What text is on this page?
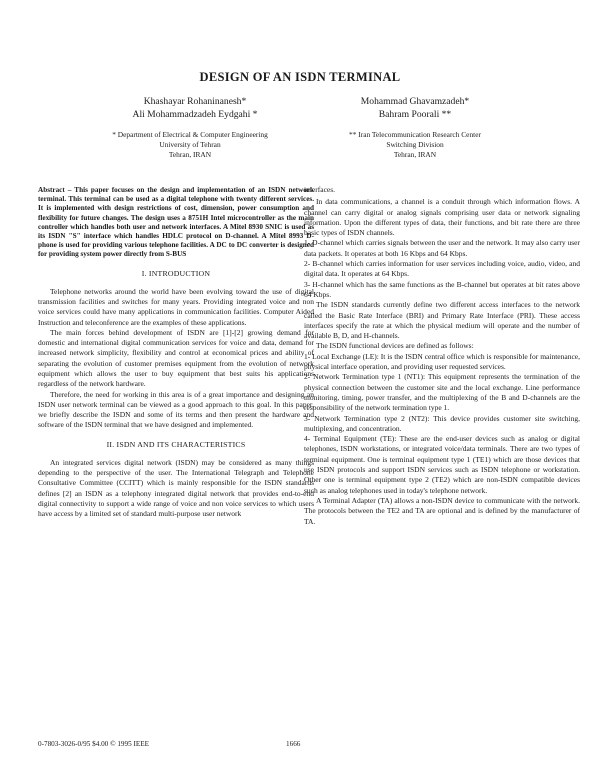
DESIGN OF AN ISDN TERMINAL
Khashayar Rohaninanesh*
Ali Mohammadzadeh Eydgahi *
Mohammad Ghavamzadeh*
Bahram Poorali **
* Department of Electrical & Computer Engineering
University of Tehran
Tehran, IRAN
** Iran Telecommunication Research Center
Switching Division
Tehran, IRAN

Abstract – This paper focuses on the design and implementation of an ISDN network terminal. This terminal can be used as a digital telephone with twenty different services. It is implemented with design restrictions of cost, dimension, power consumption and flexibility for future changes. The design uses a 8751H Intel microcontroller as the main controller which handles both user and network interfaces. A Mitel 8930 SNIC is used as its ISDN "S" interface which handles HDLC protocol on D-channel. A Mitel 8993 D-phone is used for providing various telephone facilities. A DC to DC converter is designed for providing system power directly from S-BUS

I. INTRODUCTION

Telephone networks around the world have been evolving toward the use of digital transmission facilities and switches for many years. Providing integrated voice and non voice services could have many applications in communication facilities. Computer Aided Instruction and teleconference are the examples of these applications.

The main forces behind development of ISDN are [1]-[2] growing demand for domestic and international digital communication services for voice and data, demand for increased network simplicity, flexibility and control at economical prices and ability of separating the evolution of customer premises equipment from the evolution of network equipment which allows the user to buy equipment that best suits his applications regardless of the network hardware.

Therefore, the need for working in this area is of a great importance and designing an ISDN user network terminal can be viewed as a good approach to this goal. In this paper, we briefly describe the ISDN and some of its terms and then present the hardware and software of the ISDN terminal that we have designed and implemented.

II. ISDN AND ITS CHARACTERISTICS

An integrated services digital network (ISDN) may be considered as many things depending to the perspective of the user. The International Telegraph and Telephone Consultative Committee (CCITT) which is mainly responsible for the ISDN standards defines [2] an ISDN as a telephony integrated digital network that provides end-to-end digital connectivity to support a wide range of voice and non voice services to which users have access by a limited set of standard multi-purpose user network

interfaces.

In data communications, a channel is a conduit through which information flows. A channel can carry digital or analog signals comprising user data or network signaling information. Upon the different types of data, their functions, and bit rate there are three basic types of ISDN channels.

1- D-channel which carries signals between the user and the network. It may also carry user data packets. It operates at both 16 Kbps and 64 Kbps.

2- B-channel which carries information for user services including voice, audio, video, and digital data. It operates at 64 Kbps.

3- H-channel which has the same functions as the B-channel but operates at bit rates above 64 Kbps.

The ISDN standards currently define two different access interfaces to the network called the Basic Rate Interface (BRI) and Primary Rate Interface (PRI). These access interfaces specify the rate at which the physical medium will operate and the number of available B, D, and H-channels.

The ISDN functional devices are defined as follows:

1- Local Exchange (LE): It is the ISDN central office which is responsible for maintenance, physical interface operation, and providing user requested services.

2- Network Termination type 1 (NT1): This equipment represents the termination of the physical connection between the customer site and the local exchange. Line performance monitoring, timing, power transfer, and the multiplexing of the B and D-channels are the responsibility of the network termination type 1.

3- Network Termination type 2 (NT2): This device provides customer site switching, multiplexing, and concentration.

4- Terminal Equipment (TE): These are the end-user devices such as analog or digital telephones, ISDN workstations, or integrated voice/data terminals. There are two types of terminal equipment. One is terminal equipment type 1 (TE1) which are those devices that use ISDN protocols and support ISDN services such as ISDN telephone or workstation. Other one is terminal equipment type 2 (TE2) which are non-ISDN compatible devices such as analog telephones used in today's telephone network.

A Terminal Adapter (TA) allows a non-ISDN device to communicate with the network. The protocols between the TE2 and TA are optional and is defined by the manufacturer of TA.

0-7803-3026-0/95 $4.00 © 1995 IEEE	1666
